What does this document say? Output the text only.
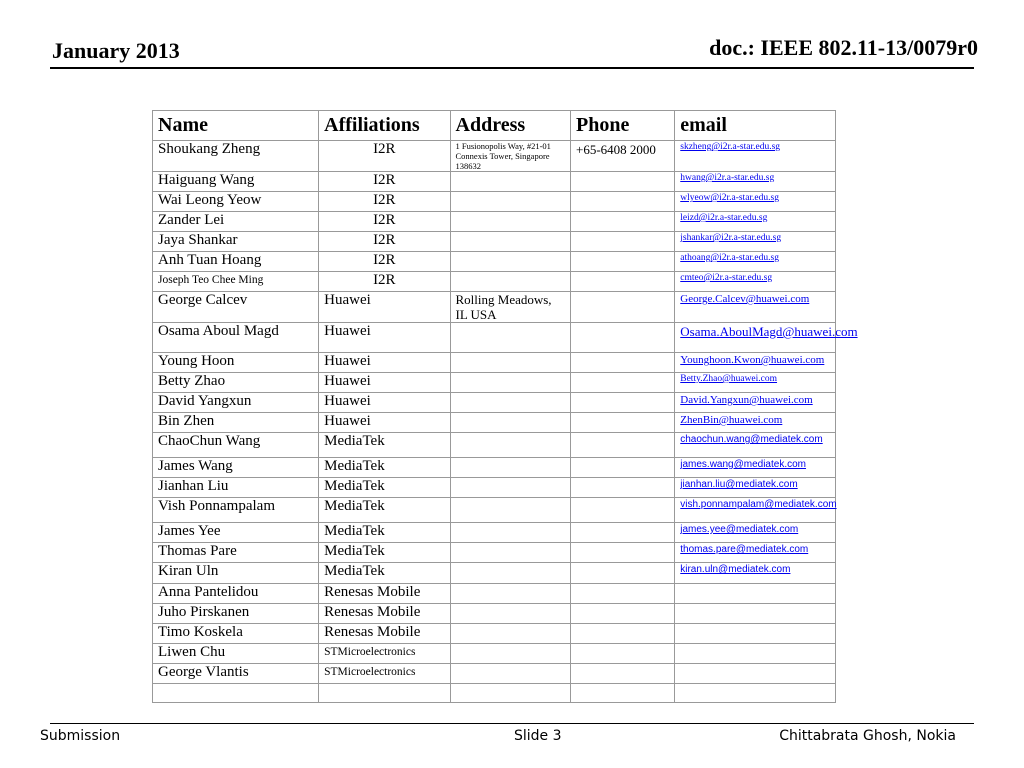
January 2013	doc.: IEEE 802.11-13/0079r0
Name	Affiliations	Address	Phone	email
Shoukang Zheng	I2R	1 Fusionopolis Way, #21-01 Connexis Tower, Singapore 138632	+65-6408 2000	skzheng@i2r.a-star.edu.sg

Haiguang Wang	I2R			hwang@i2r.a-star.edu.sg

Wai Leong Yeow	I2R			wlyeow@i2r.a-star.edu.sg

Zander Lei	I2R			leizd@i2r.a-star.edu.sg

Jaya Shankar	I2R			jshankar@i2r.a-star.edu.sg

Anh Tuan Hoang	I2R			athoang@i2r.a-star.edu.sg

Joseph Teo Chee Ming	I2R			cmteo@i2r.a-star.edu.sg

George Calcev	Huawei	Rolling Meadows, IL USA		George.Calcev@huawei.com

Osama Aboul Magd	Huawei			Osama.AboulMagd@huawei.com

Young Hoon	Huawei			Younghoon.Kwon@huawei.com

Betty Zhao	Huawei			Betty.Zhao@huawei.com

David Yangxun	Huawei			David.Yangxun@huawei.com

Bin Zhen	Huawei			ZhenBin@huawei.com

ChaoChun Wang	MediaTek			chaochun.wang@mediatek.com

James Wang	MediaTek			james.wang@mediatek.com

Jianhan Liu	MediaTek			jianhan.liu@mediatek.com

Vish Ponnampalam	MediaTek			vish.ponnampalam@mediatek.com

James Yee	MediaTek			james.yee@mediatek.com

Thomas Pare	MediaTek			thomas.pare@mediatek.com

Kiran Uln	MediaTek			kiran.uln@mediatek.com

Anna Pantelidou	Renesas Mobile			
Juho Pirskanen	Renesas Mobile			
Timo Koskela	Renesas Mobile			
Liwen Chu	STMicroelectronics			
George Vlantis	STMicroelectronics			

Submission	Slide 3	Chittabrata Ghosh, Nokia
